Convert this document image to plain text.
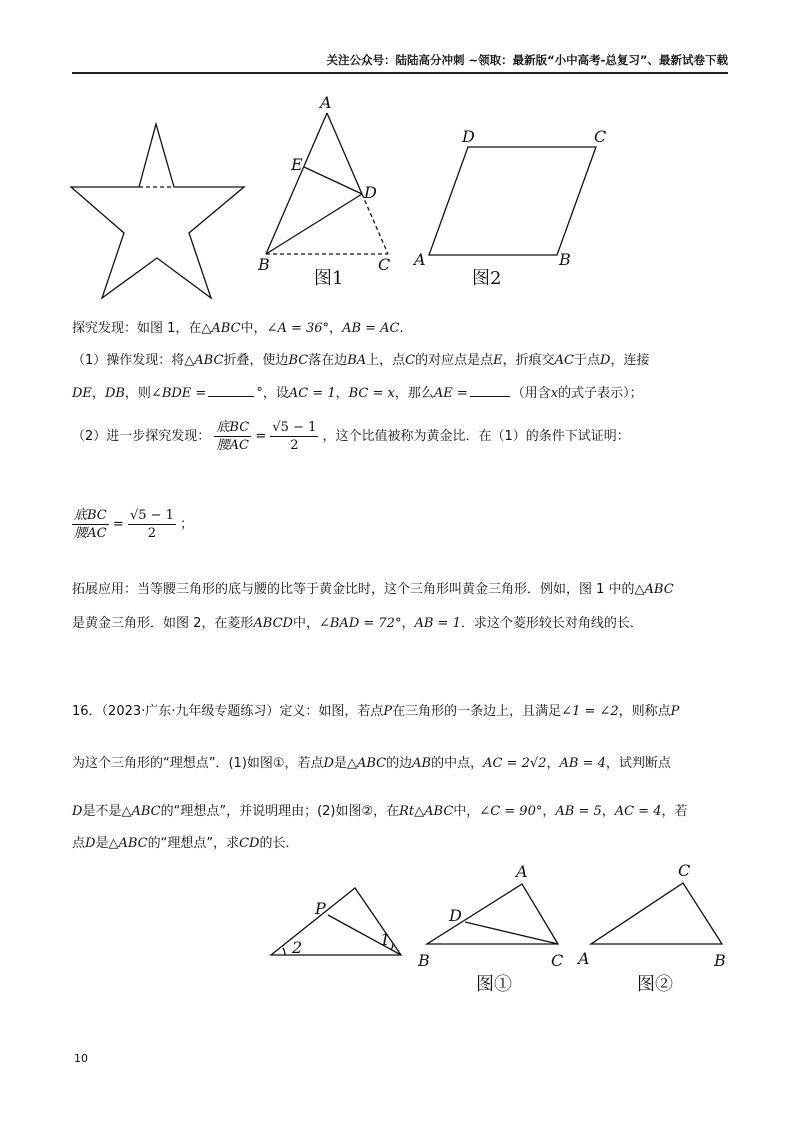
关注公众号：陆陆高分冲刺 ~领取：最新版“小中高考-总复习”、最新试卷下载
A
E
D
B	C
图1
D	C
A	B
图2
P
2	1
A
D
B	C
图①
C
A	B
图②
探究发现：如图 1，在△ABC中，∠A = 36°，AB = AC.
（1）操作发现：将△ABC折叠，使边BC落在边BA上，点C的对应点是点E，折痕交AC于点D，连接
DE，DB，则∠BDE =	°，设AC = 1，BC = x，那么AE =	（用含x的式子表示）；
（2）进一步探究发现： $\frac{\text{底BC}}{\text{腰AC}} = \frac{√5 - 1}{2}$ ，这个比值被称为黄金比．在（1）的条件下试证明：
$\frac{\text{底BC}}{\text{腰AC}} = \frac{√5 - 1}{2}$ ；
拓展应用：当等腰三角形的底与腰的比等于黄金比时，这个三角形叫黄金三角形．例如，图 1 中的△ABC
是黄金三角形．如图 2，在菱形ABCD中，∠BAD = 72°，AB = 1．求这个菱形较长对角线的长．
16．（2023·广东·九年级专题练习）定义：如图，若点P在三角形的一条边上，且满足∠1 = ∠2，则称点P
为这个三角形的“理想点”．(1)如图①，若点D是△ABC的边AB的中点，AC = 2√2，AB = 4，试判断点
D是不是△ABC的“理想点”，并说明理由；(2)如图②，在Rt△ABC中，∠C = 90°，AB = 5，AC = 4，若
点D是△ABC的“理想点”，求CD的长．
10
